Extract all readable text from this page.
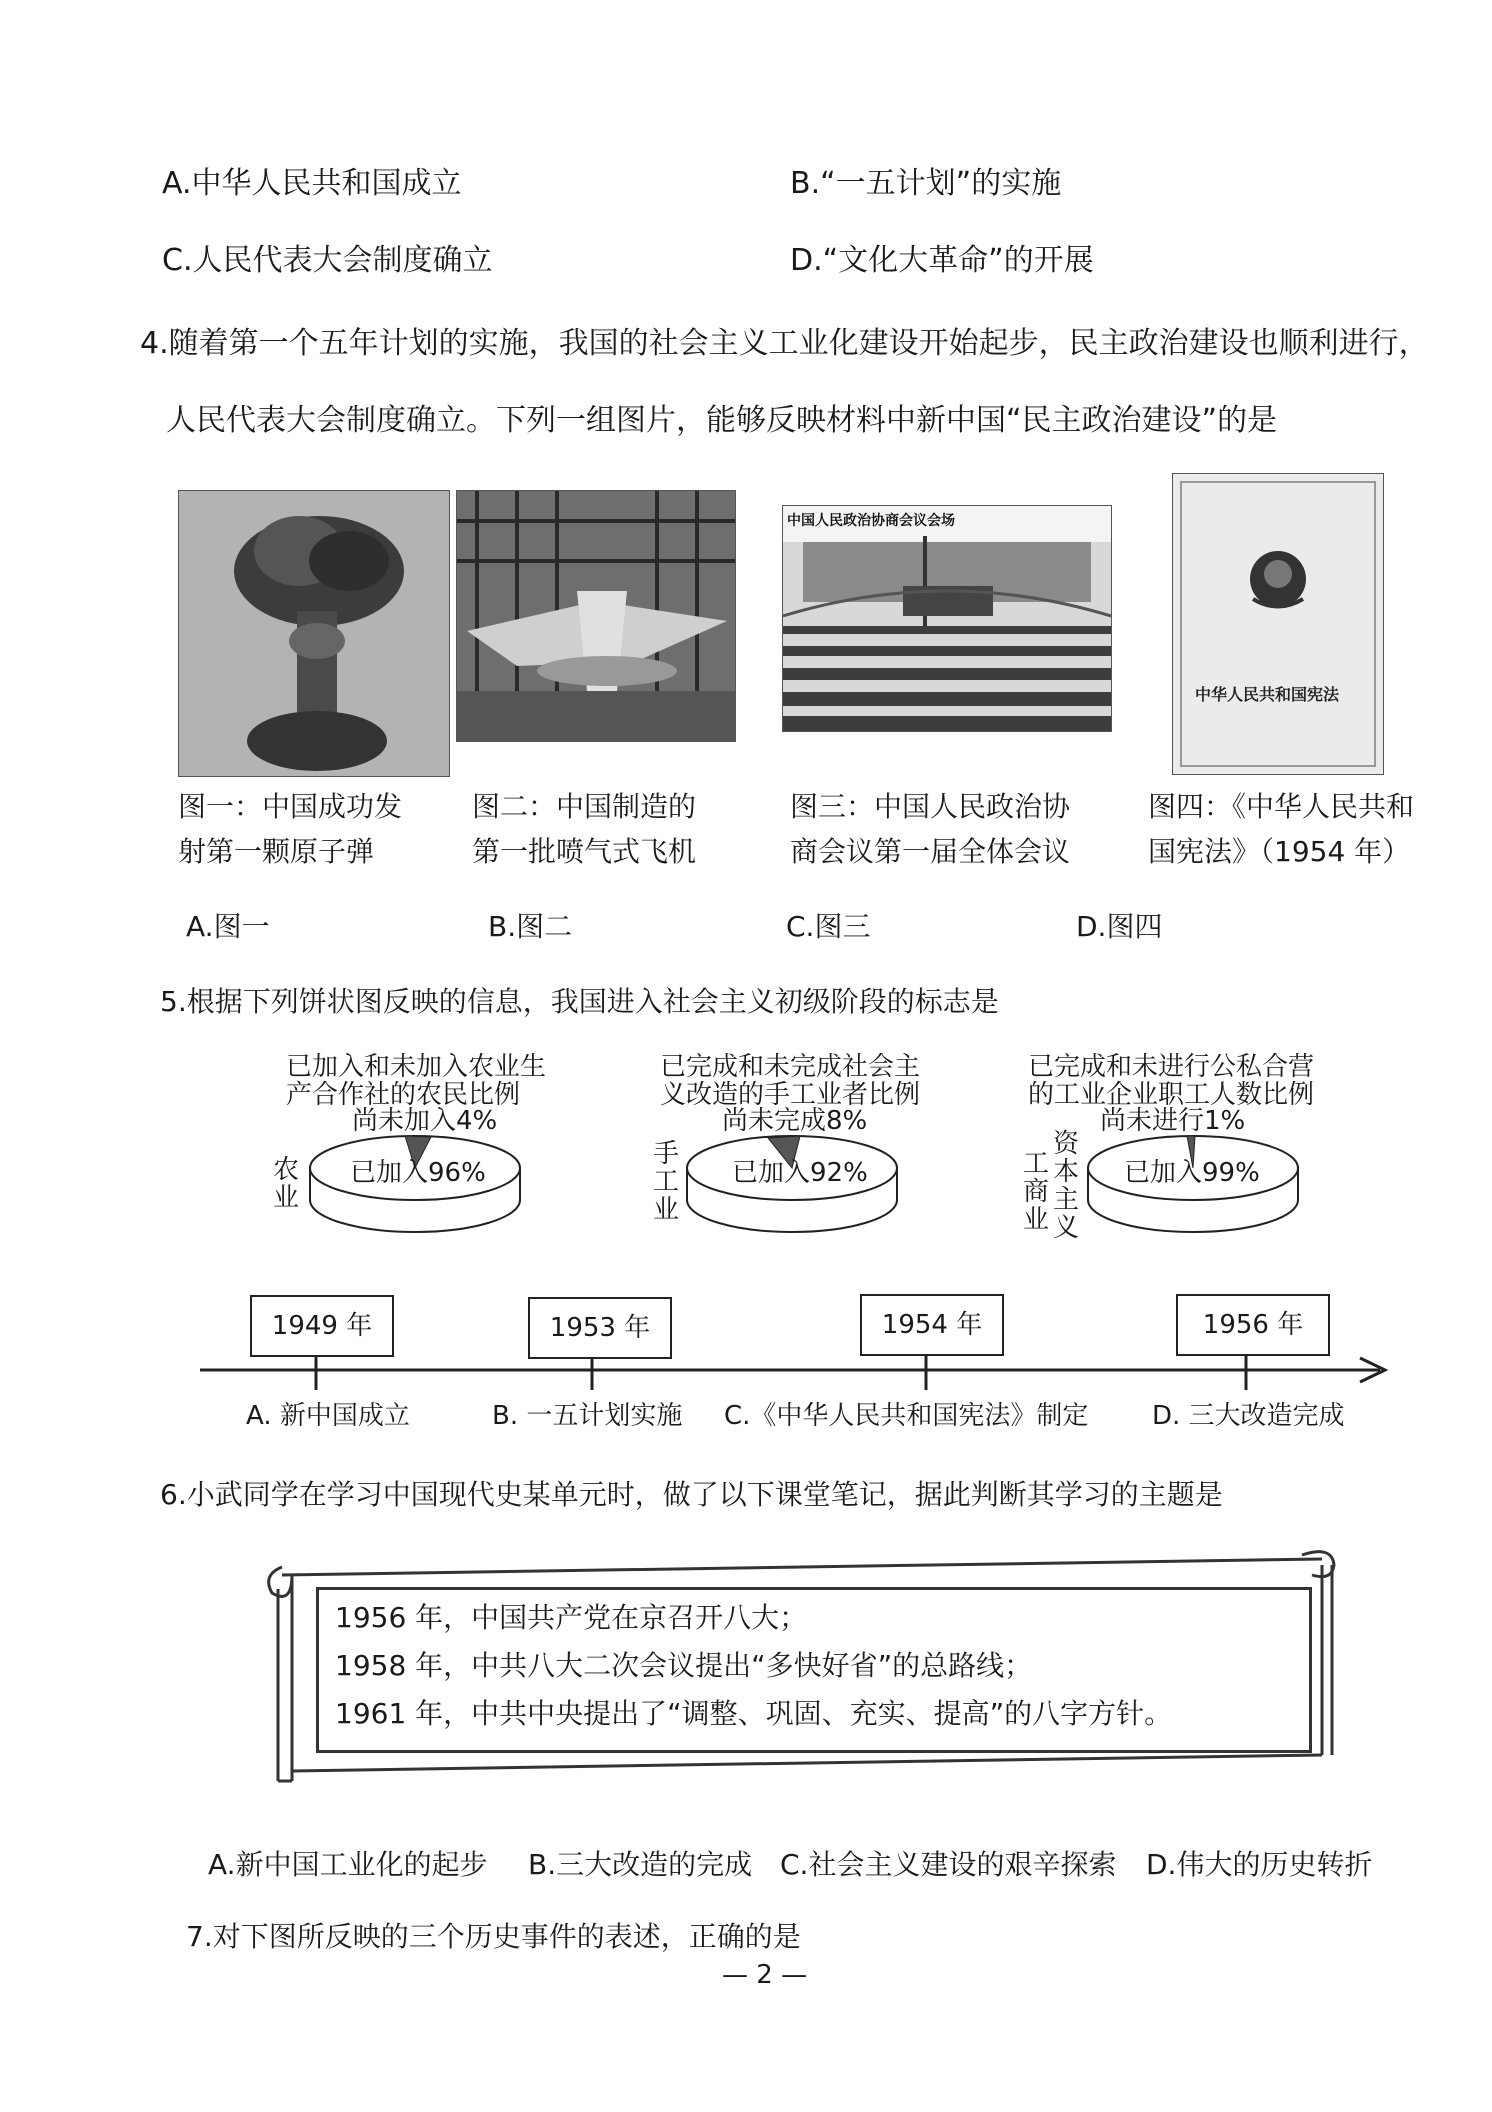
A.中华人民共和国成立	B.“一五计划”的实施
C.人民代表大会制度确立	D.“文化大革命”的开展
4.随着第一个五年计划的实施，我国的社会主义工业化建设开始起步，民主政治建设也顺利进行，
人民代表大会制度确立。下列一组图片，能够反映材料中新中国“民主政治建设”的是
中国人民政治协商会议会场
中华人民共和国宪法
图一：中国成功发
射第一颗原子弹
图二：中国制造的
第一批喷气式飞机
图三：中国人民政治协
商会议第一届全体会议
图四：《中华人民共和
国宪法》（1954 年）
A.图一	B.图二	C.图三	D.图四
5.根据下列饼状图反映的信息，我国进入社会主义初级阶段的标志是
已加入和未加入农业生
产合作社的农民比例
尚未加入4%
已加入96%
农业
已完成和未完成社会主
义改造的手工业者比例
尚未完成8%
已加入92%
手工业
已完成和未进行公私合营
的工业企业职工人数比例
尚未进行1%
已加入99%
资本主义
工商业
1949 年	1953 年	1954 年	1956 年
A. 新中国成立	B. 一五计划实施 C.《中华人民共和国宪法》制定 D. 三大改造完成
6.小武同学在学习中国现代史某单元时，做了以下课堂笔记，据此判断其学习的主题是
1956 年，中国共产党在京召开八大；
1958 年，中共八大二次会议提出“多快好省”的总路线；
1961 年，中共中央提出了“调整、巩固、充实、提高”的八字方针。
A.新中国工业化的起步 B.三大改造的完成 C.社会主义建设的艰辛探索 D.伟大的历史转折
7.对下图所反映的三个历史事件的表述，正确的是
— 2 —
